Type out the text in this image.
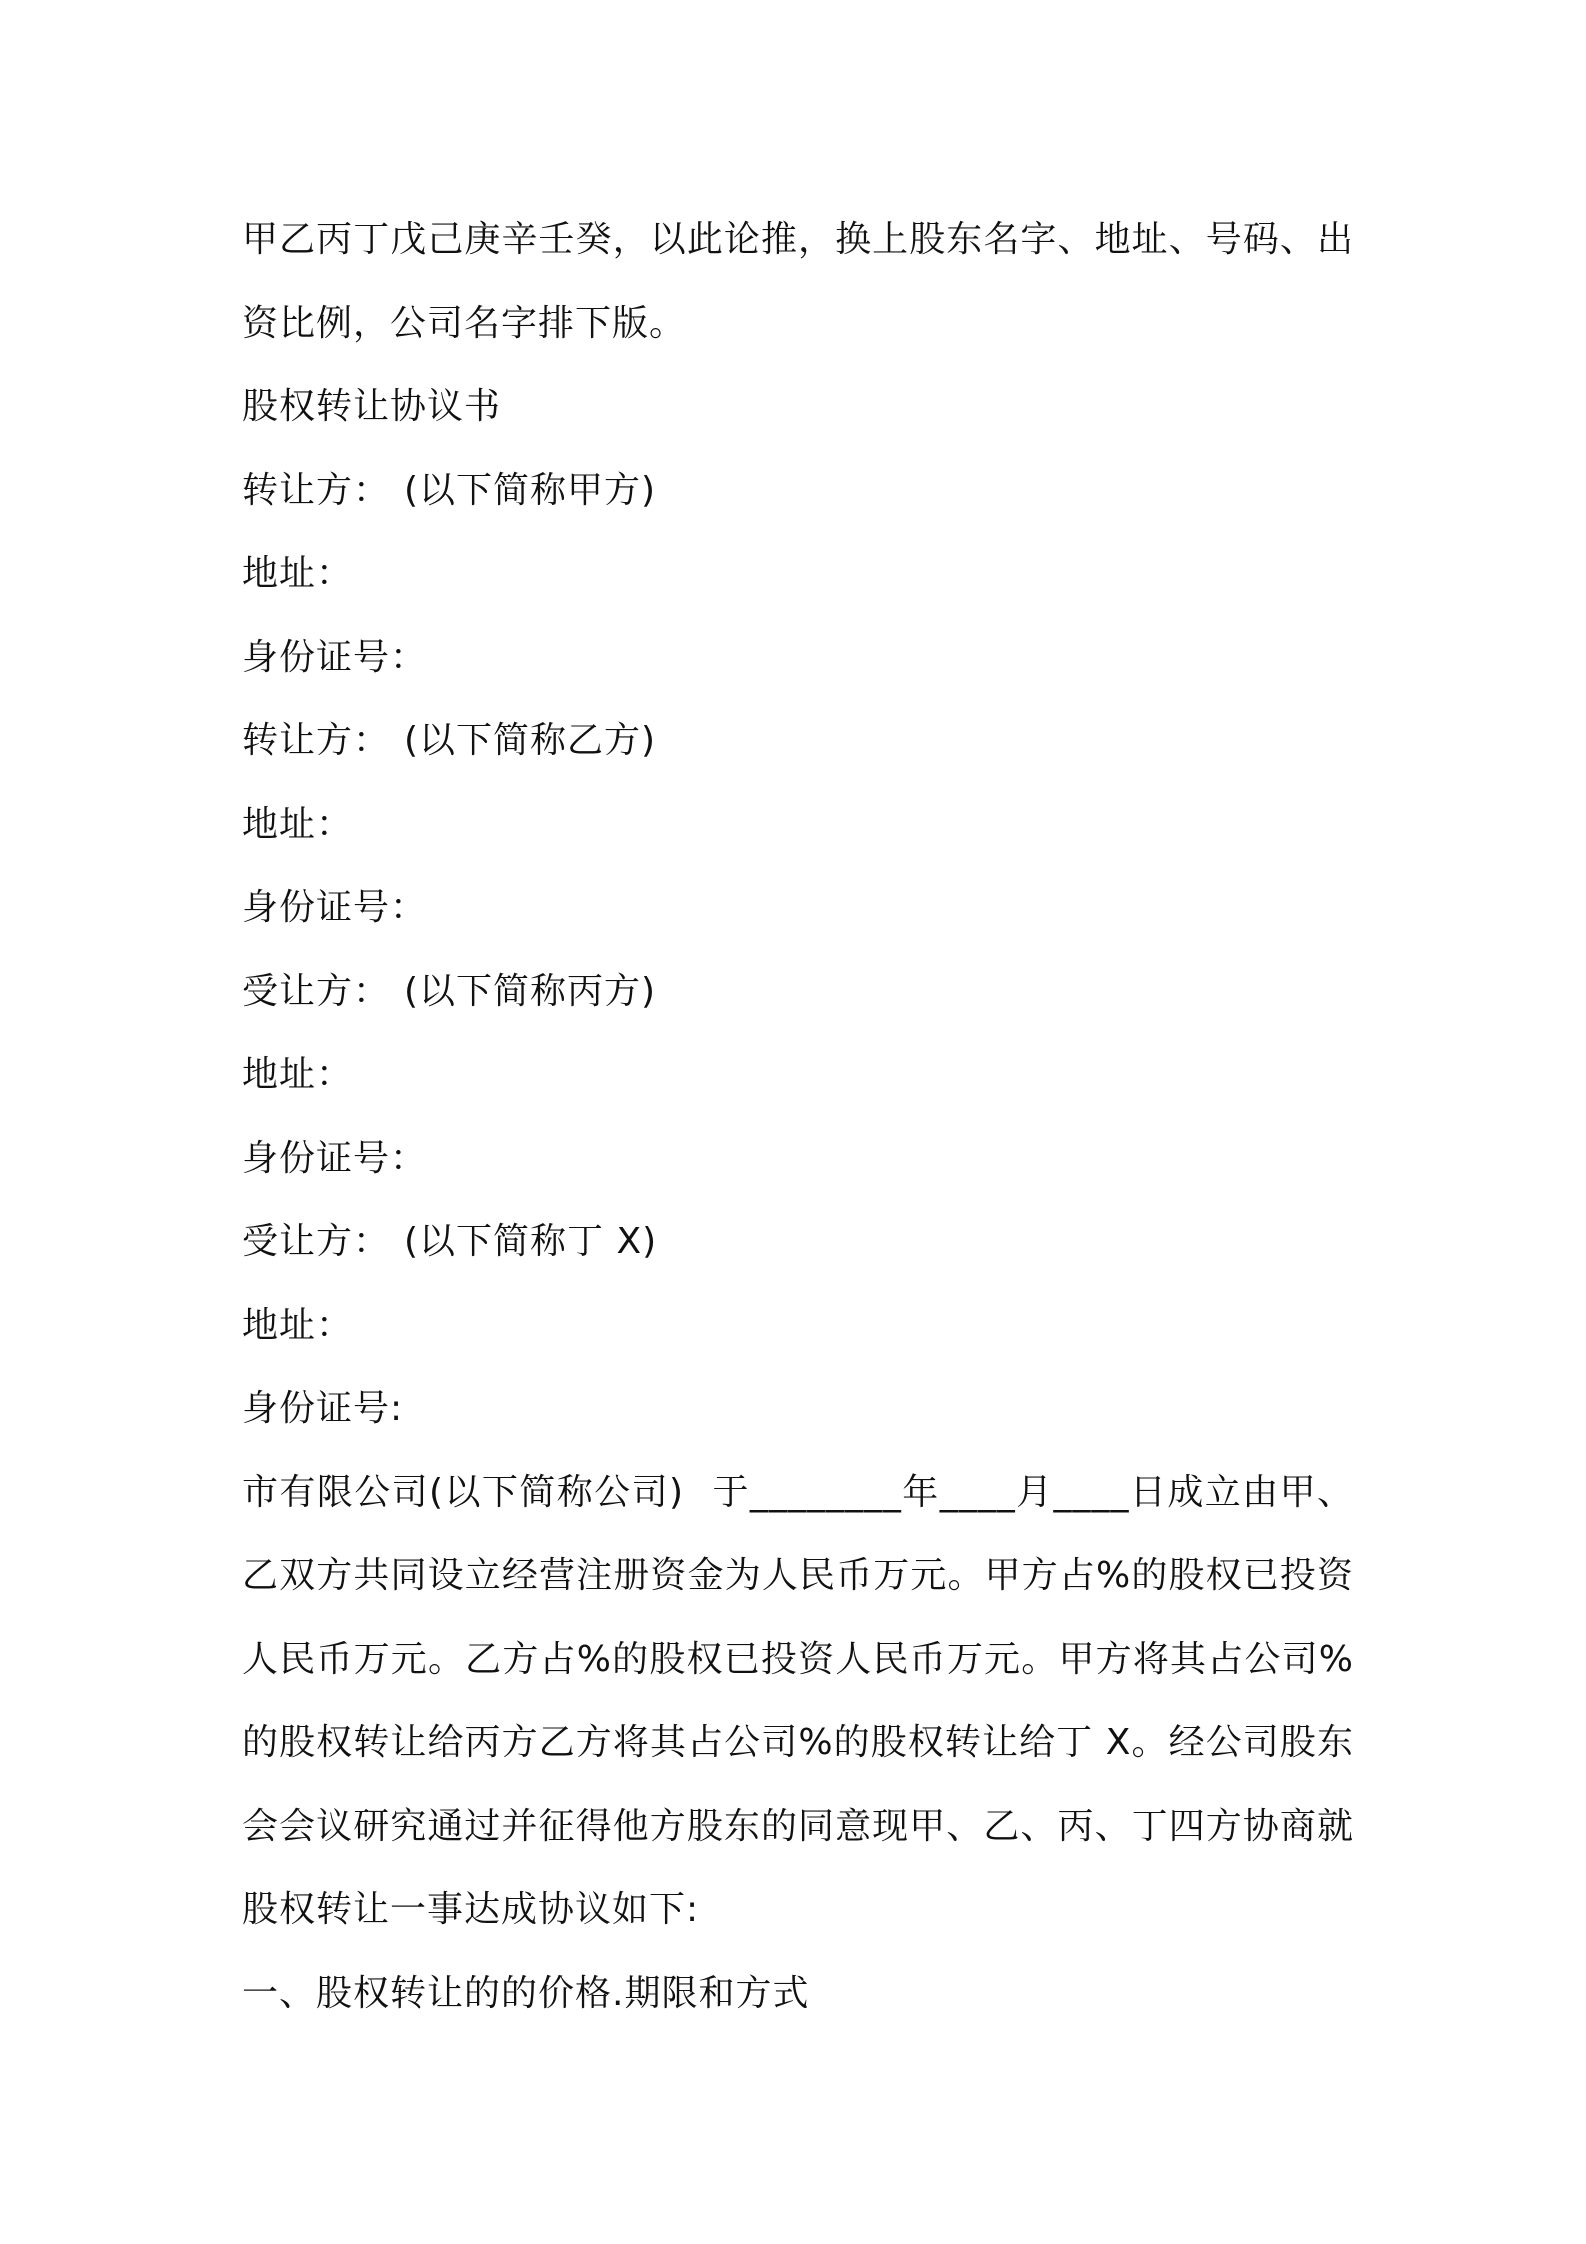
甲乙丙丁戊己庚辛壬癸，以此论推，换上股东名字、地址、号码、出
资比例，公司名字排下版。
股权转让协议书
转让方： (以下简称甲方)
地址：
身份证号：
转让方： (以下简称乙方)
地址：
身份证号：
受让方： (以下简称丙方)
地址：
身份证号：
受让方： (以下简称丁 X)
地址：
身份证号:
市有限公司(以下简称公司) 于________年____月____日成立由甲、
乙双方共同设立经营注册资金为人民币万元。甲方占%的股权已投资
人民币万元。乙方占%的股权已投资人民币万元。甲方将其占公司%
的股权转让给丙方乙方将其占公司%的股权转让给丁 X。经公司股东
会会议研究通过并征得他方股东的同意现甲、乙、丙、丁四方协商就
股权转让一事达成协议如下:
一、股权转让的的价格.期限和方式
